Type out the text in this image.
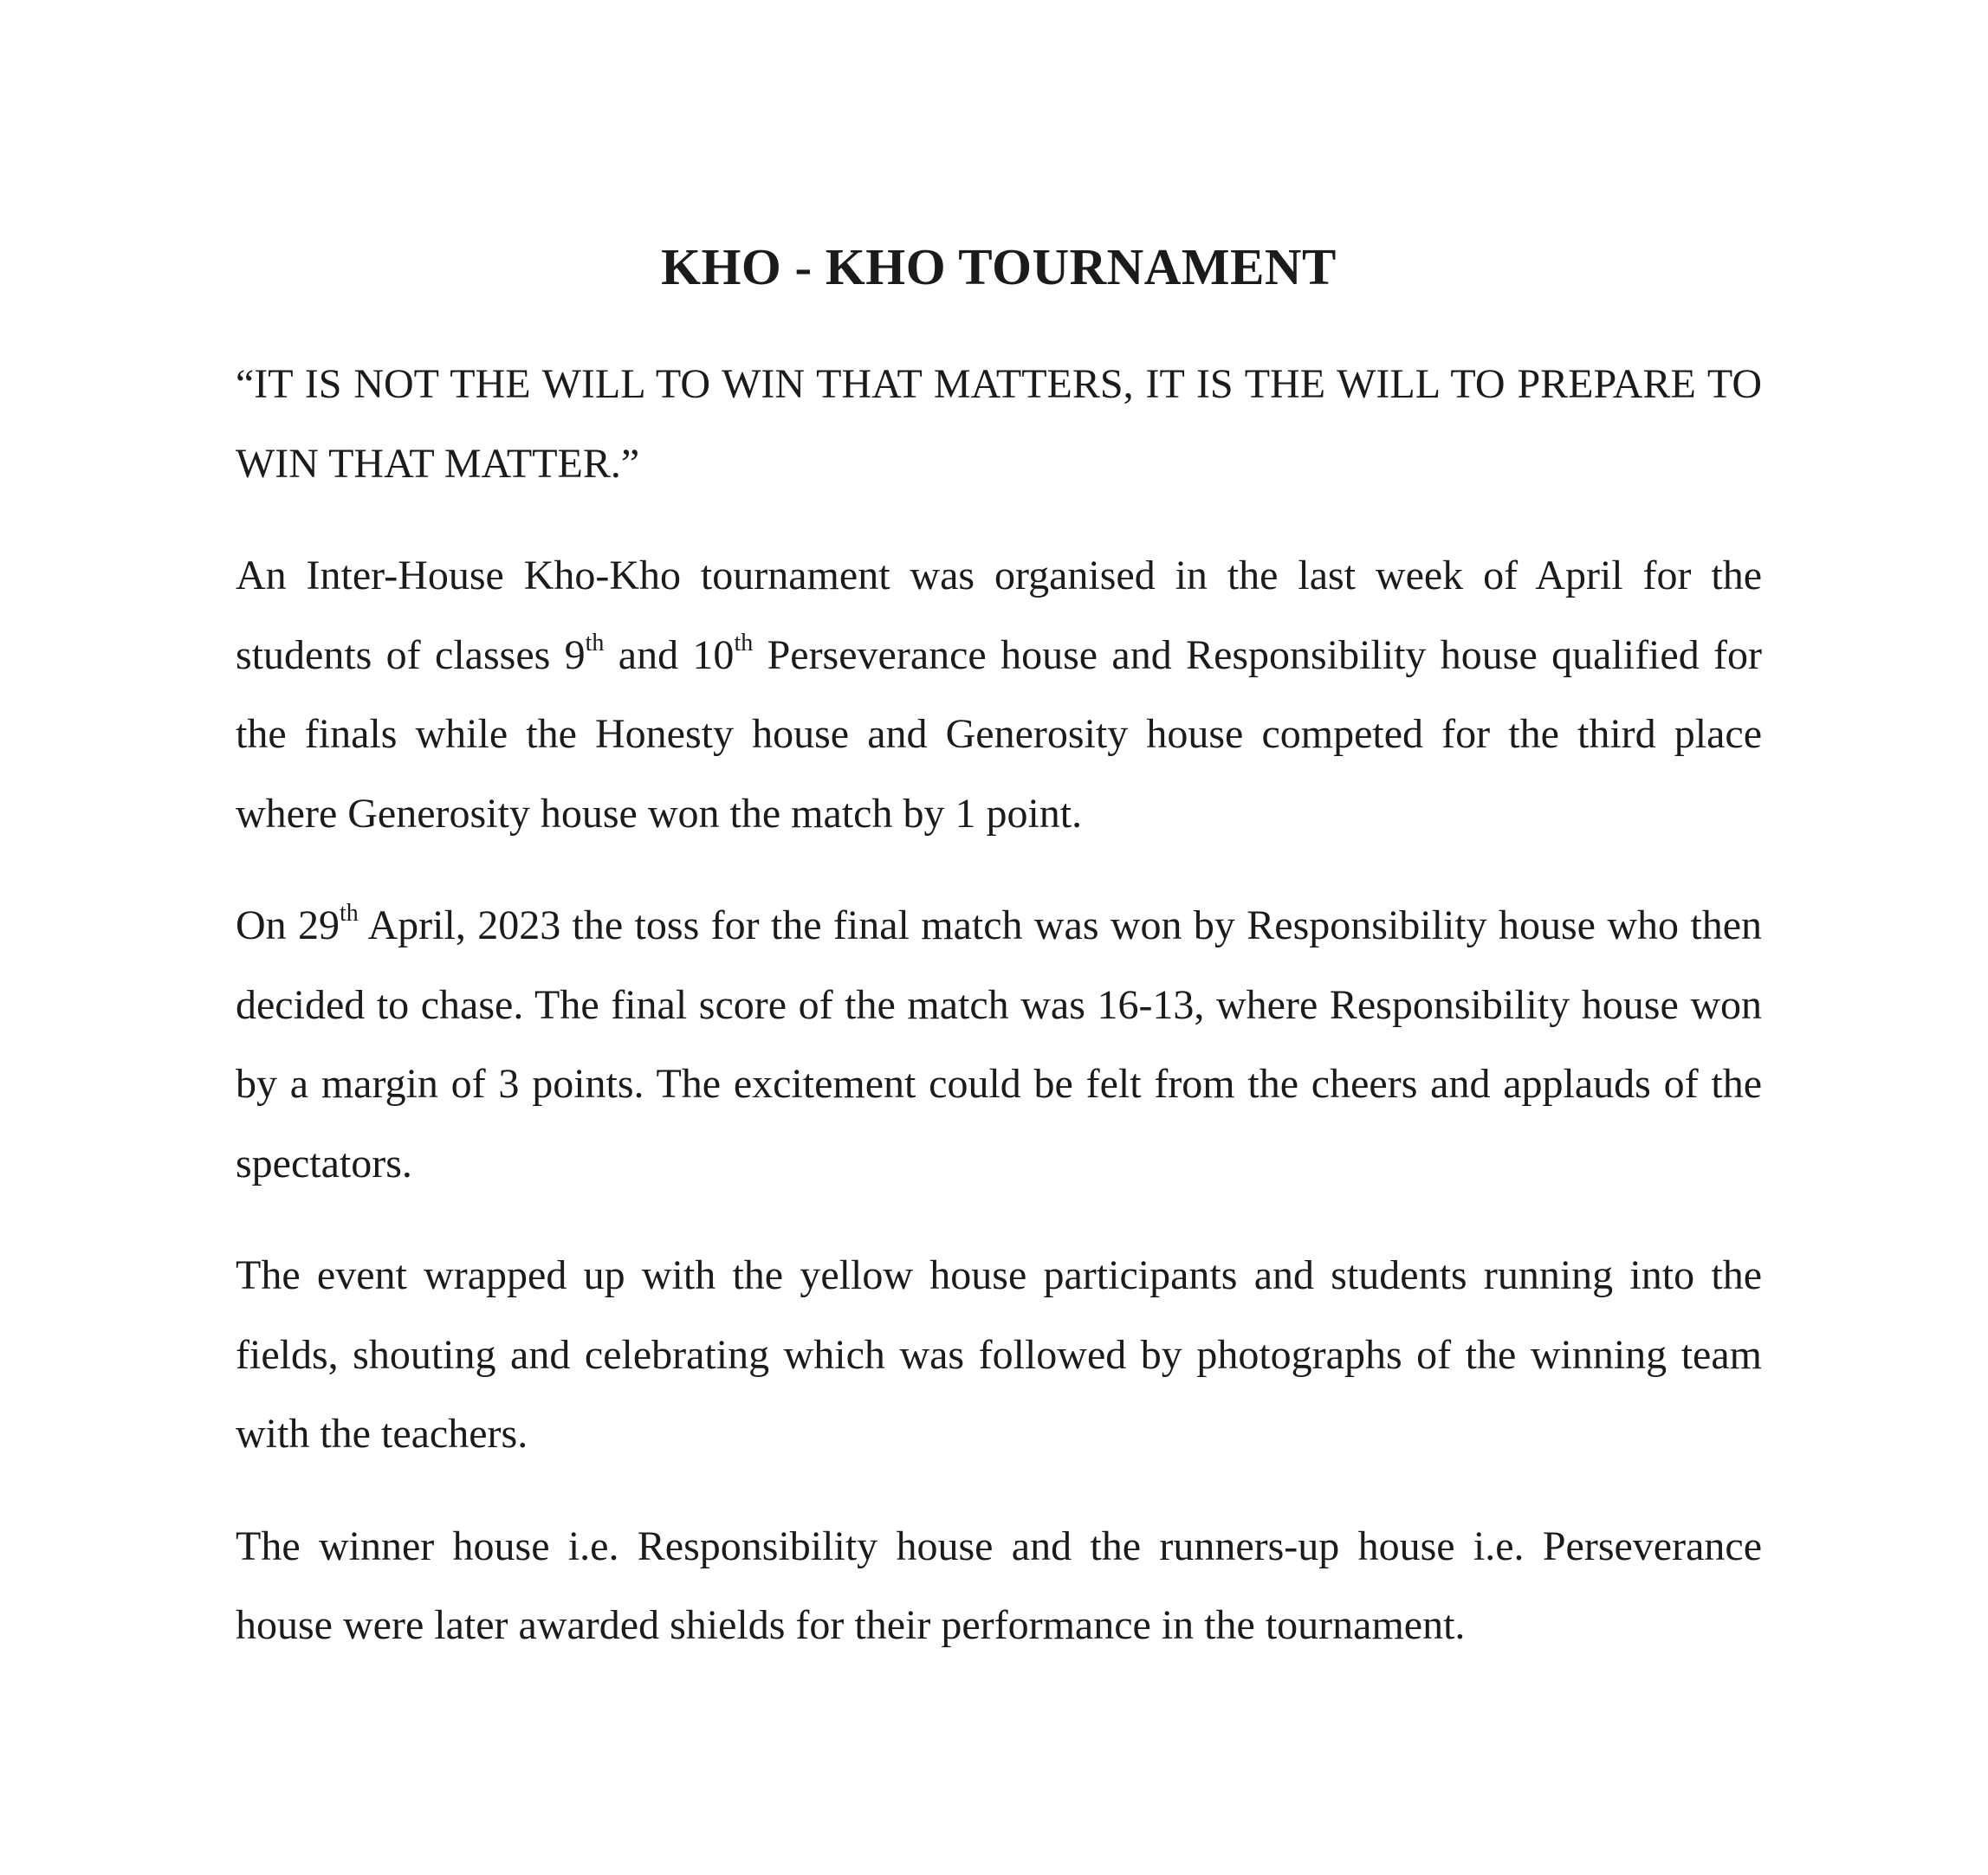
KHO - KHO TOURNAMENT

“IT IS NOT THE WILL TO WIN THAT MATTERS, IT IS THE WILL TO PREPARE TO WIN THAT MATTER.”

An Inter-House Kho-Kho tournament was organised in the last week of April for the students of classes 9th and 10th Perseverance house and Responsibility house qualified for the finals while the Honesty house and Generosity house competed for the third place where Generosity house won the match by 1 point.

On 29th April, 2023 the toss for the final match was won by Responsibility house who then decided to chase. The final score of the match was 16-13, where Responsibility house won by a margin of 3 points. The excitement could be felt from the cheers and applauds of the spectators.

The event wrapped up with the yellow house participants and students running into the fields, shouting and celebrating which was followed by photographs of the winning team with the teachers.

The winner house i.e. Responsibility house and the runners-up house i.e. Perseverance house were later awarded shields for their performance in the tournament.
